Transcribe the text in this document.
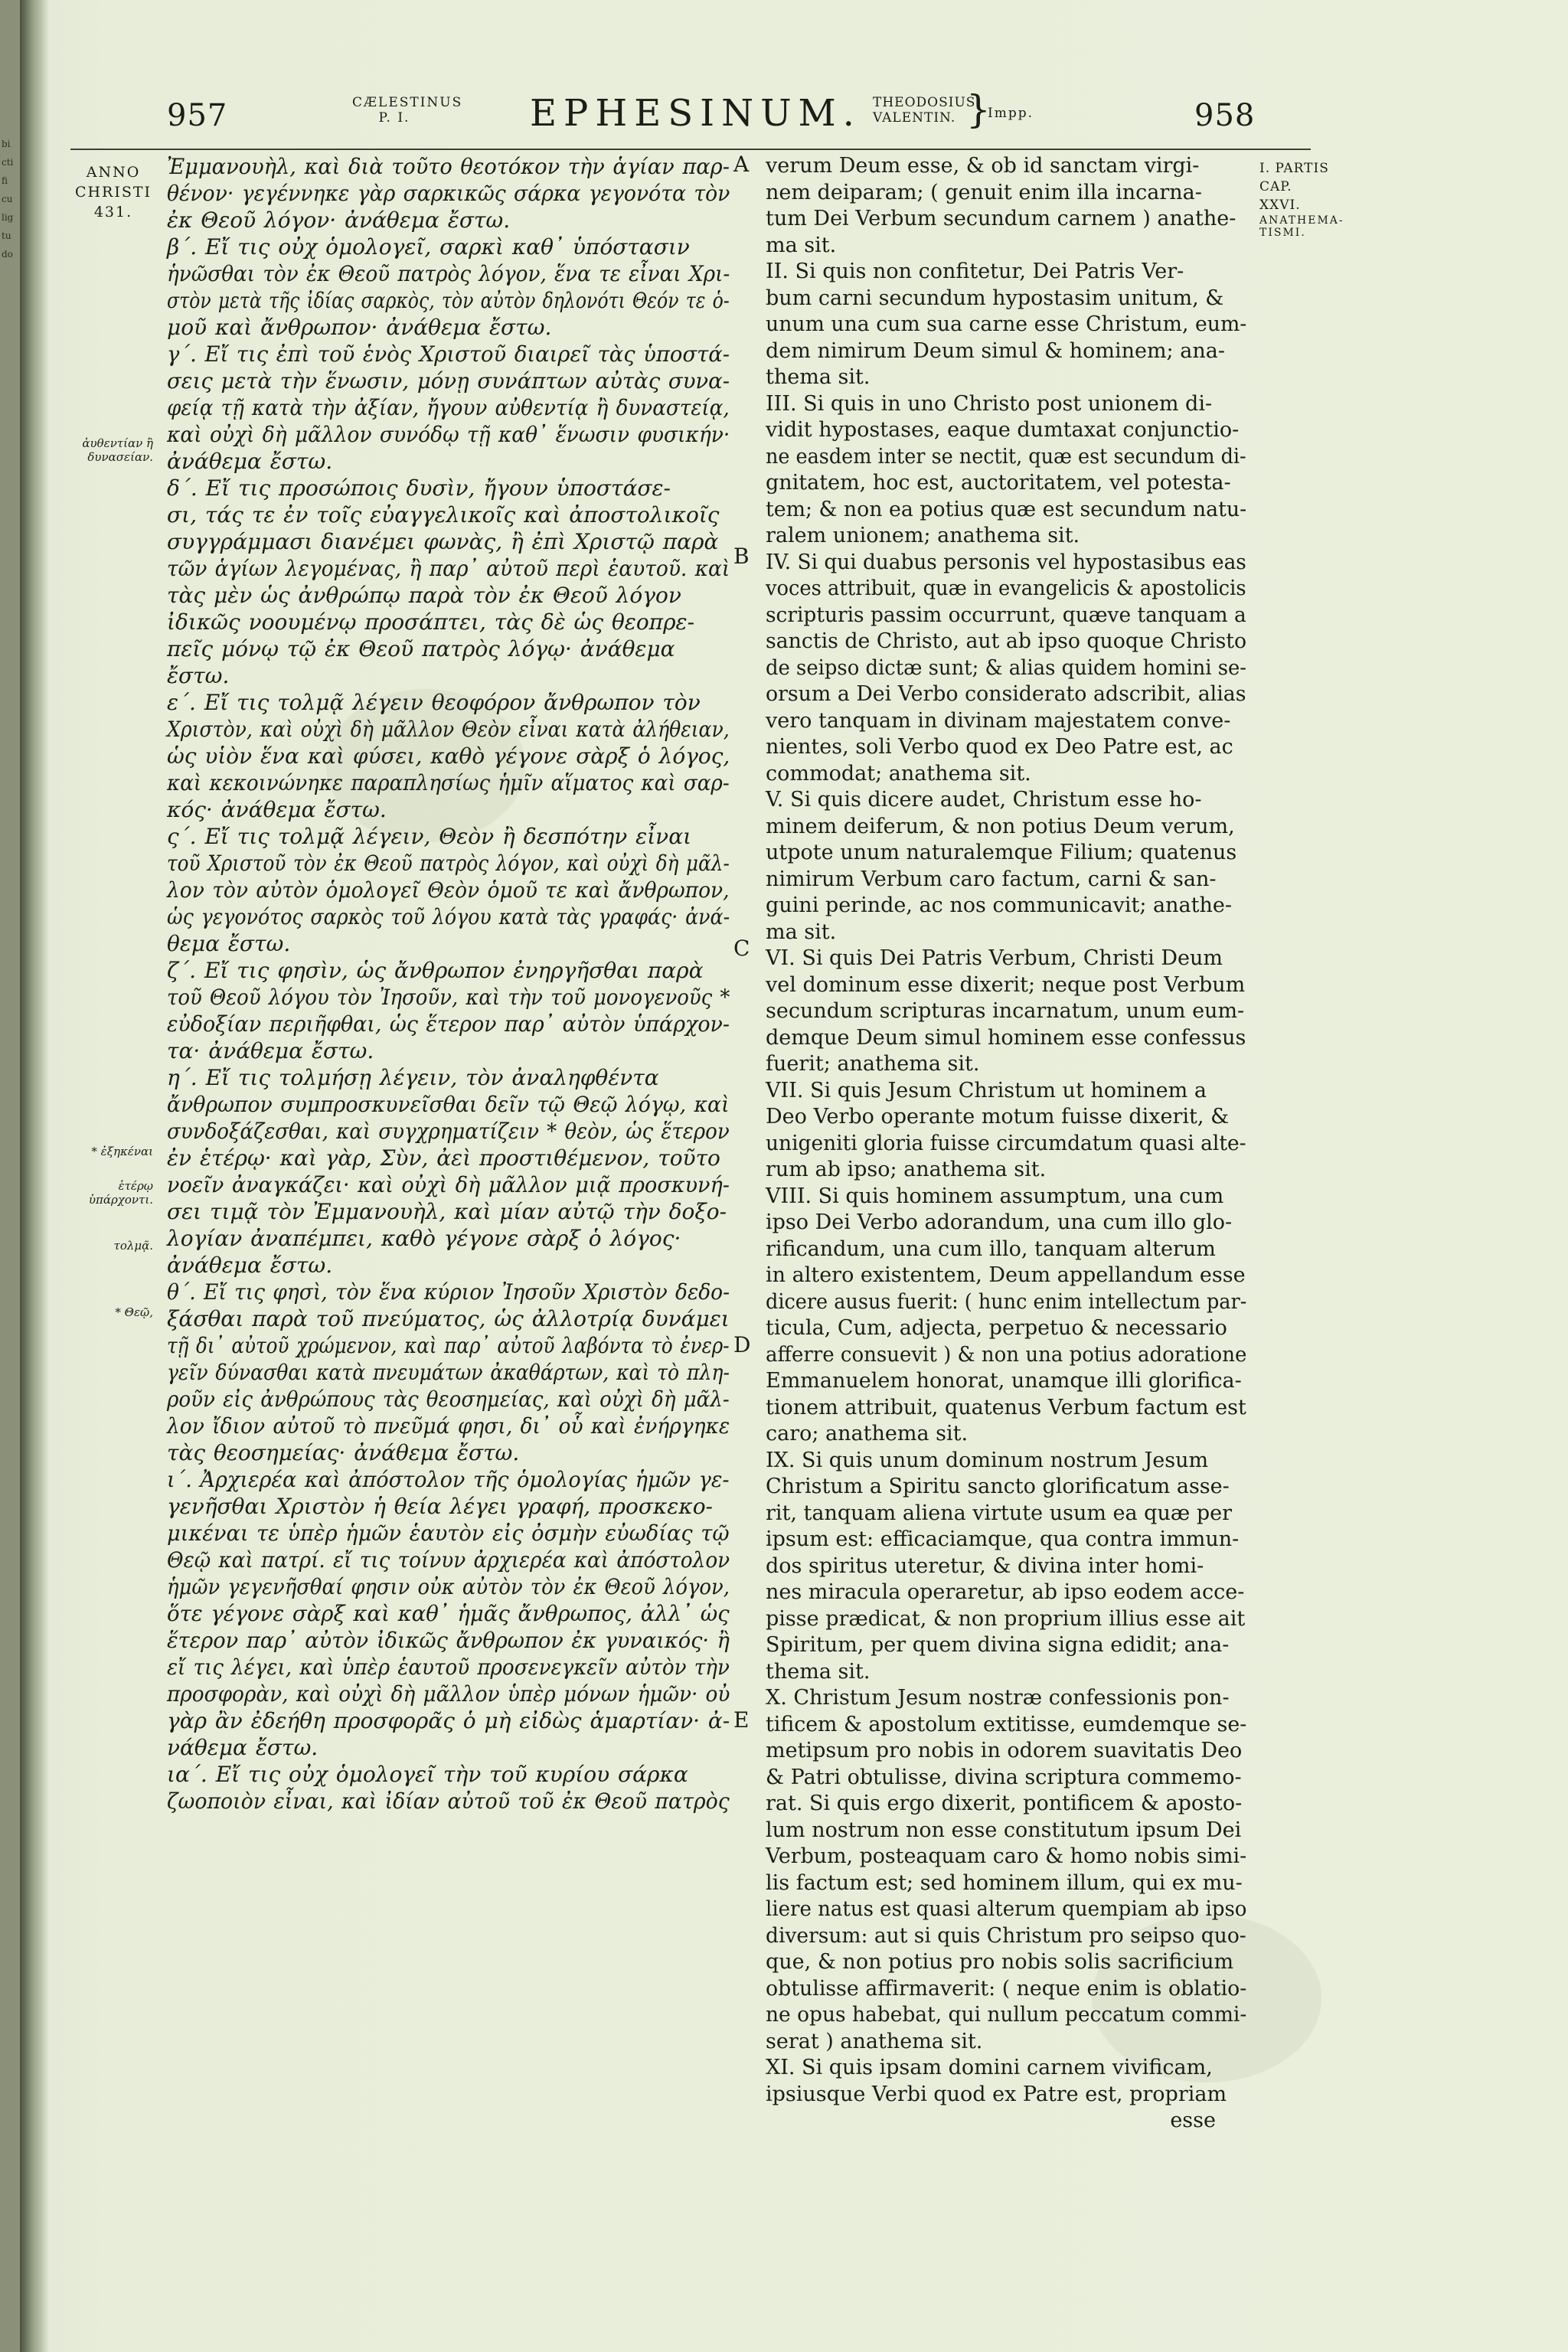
bi
cti
fi
cu
lig
tu
do
957	CÆLESTINUS
P. I.	EPHESINUM. THEODOSIUS
VALENTIN. }
Impp.	958
ANNO
CHRISTI
431.
ἀυθεντίαν ἢ δυνασείαν.
* ἐξηκέναι
ἑτέρῳ ὑπάρχοντι.
τολμᾷ.
* Θεῷ,
I. PARTIS
CAP.
XXVI.
ANATHEMA-
TISMI.
A
B
C
D
E
Ἐμμανουὴλ, καὶ διὰ τοῦτο θεοτόκον τὴν ἁγίαν παρ-
θένον· γεγέννηκε γὰρ σαρκικῶς σάρκα γεγονότα τὸν
ἐκ Θεοῦ λόγον· ἀνάθεμα ἔστω.
β΄. Εἴ τις οὐχ ὁμολογεῖ, σαρκὶ καθ᾿ ὑπόστασιν
ἡνῶσθαι τὸν ἐκ Θεοῦ πατρὸς λόγον, ἕνα τε εἶναι Χρι-
στὸν μετὰ τῆς ἰδίας σαρκὸς, τὸν αὐτὸν δηλονότι Θεόν τε ὁ-
μοῦ καὶ ἄνθρωπον· ἀνάθεμα ἔστω.
γ΄. Εἴ τις ἐπὶ τοῦ ἑνὸς Χριστοῦ διαιρεῖ τὰς ὑποστά-
σεις μετὰ τὴν ἕνωσιν, μόνῃ συνάπτων αὐτὰς συνα-
φείᾳ τῇ κατὰ τὴν ἀξίαν, ἤγουν αὐθεντίᾳ ἢ δυναστείᾳ,
καὶ οὐχὶ δὴ μᾶλλον συνόδῳ τῇ καθ᾿ ἕνωσιν φυσικήν·
ἀνάθεμα ἔστω.
δ΄. Εἴ τις προσώποις δυσὶν, ἤγουν ὑποστάσε-
σι, τάς τε ἐν τοῖς εὐαγγελικοῖς καὶ ἀποστολικοῖς
συγγράμμασι διανέμει φωνὰς, ἢ ἐπὶ Χριστῷ παρὰ
τῶν ἁγίων λεγομένας, ἢ παρ᾿ αὐτοῦ περὶ ἑαυτοῦ. καὶ
τὰς μὲν ὡς ἀνθρώπῳ παρὰ τὸν ἐκ Θεοῦ λόγον
ἰδικῶς νοουμένῳ προσάπτει, τὰς δὲ ὡς θεοπρε-
πεῖς μόνῳ τῷ ἐκ Θεοῦ πατρὸς λόγῳ· ἀνάθεμα
ἔστω.
ε΄. Εἴ τις τολμᾷ λέγειν θεοφόρον ἄνθρωπον τὸν
Χριστὸν, καὶ οὐχὶ δὴ μᾶλλον Θεὸν εἶναι κατὰ ἀλήθειαν,
ὡς υἱὸν ἕνα καὶ φύσει, καθὸ γέγονε σὰρξ ὁ λόγος,
καὶ κεκοινώνηκε παραπλησίως ἡμῖν αἵματος καὶ σαρ-
κός· ἀνάθεμα ἔστω.
ς΄. Εἴ τις τολμᾷ λέγειν, Θεὸν ἢ δεσπότην εἶναι
τοῦ Χριστοῦ τὸν ἐκ Θεοῦ πατρὸς λόγον, καὶ οὐχὶ δὴ μᾶλ-
λον τὸν αὐτὸν ὁμολογεῖ Θεὸν ὁμοῦ τε καὶ ἄνθρωπον,
ὡς γεγονότος σαρκὸς τοῦ λόγου κατὰ τὰς γραφάς· ἀνά-
θεμα ἔστω.
ζ΄. Εἴ τις φησὶν, ὡς ἄνθρωπον ἐνηργῆσθαι παρὰ
τοῦ Θεοῦ λόγου τὸν Ἰησοῦν, καὶ τὴν τοῦ μονογενοῦς *
εὐδοξίαν περιῆφθαι, ὡς ἕτερον παρ᾿ αὐτὸν ὑπάρχον-
τα· ἀνάθεμα ἔστω.
η΄. Εἴ τις τολμήσῃ λέγειν, τὸν ἀναληφθέντα
ἄνθρωπον συμπροσκυνεῖσθαι δεῖν τῷ Θεῷ λόγῳ, καὶ
συνδοξάζεσθαι, καὶ συγχρηματίζειν * θεὸν, ὡς ἕτερον
ἐν ἑτέρῳ· καὶ γὰρ, Σὺν, ἀεὶ προστιθέμενον, τοῦτο
νοεῖν ἀναγκάζει· καὶ οὐχὶ δὴ μᾶλλον μιᾷ προσκυνή-
σει τιμᾷ τὸν Ἐμμανουὴλ, καὶ μίαν αὐτῷ τὴν δοξο-
λογίαν ἀναπέμπει, καθὸ γέγονε σὰρξ ὁ λόγος·
ἀνάθεμα ἔστω.
θ΄. Εἴ τις φησὶ, τὸν ἕνα κύριον Ἰησοῦν Χριστὸν δεδο-
ξάσθαι παρὰ τοῦ πνεύματος, ὡς ἀλλοτρίᾳ δυνάμει
τῇ δι᾿ αὐτοῦ χρώμενον, καὶ παρ᾿ αὐτοῦ λαβόντα τὸ ἐνερ-
γεῖν δύνασθαι κατὰ πνευμάτων ἀκαθάρτων, καὶ τὸ πλη-
ροῦν εἰς ἀνθρώπους τὰς θεοσημείας, καὶ οὐχὶ δὴ μᾶλ-
λον ἴδιον αὐτοῦ τὸ πνεῦμά φησι, δι᾿ οὗ καὶ ἐνήργηκε
τὰς θεοσημείας· ἀνάθεμα ἔστω.
ι΄. Ἀρχιερέα καὶ ἀπόστολον τῆς ὁμολογίας ἡμῶν γε-
γενῆσθαι Χριστὸν ἡ θεία λέγει γραφή, προσκεκο-
μικέναι τε ὑπὲρ ἡμῶν ἑαυτὸν εἰς ὀσμὴν εὐωδίας τῷ
Θεῷ καὶ πατρί. εἴ τις τοίνυν ἀρχιερέα καὶ ἀπόστολον
ἡμῶν γεγενῆσθαί φησιν οὐκ αὐτὸν τὸν ἐκ Θεοῦ λόγον,
ὅτε γέγονε σὰρξ καὶ καθ᾿ ἡμᾶς ἄνθρωπος, ἀλλ᾿ ὡς
ἕτερον παρ᾿ αὐτὸν ἰδικῶς ἄνθρωπον ἐκ γυναικός· ἢ
εἴ τις λέγει, καὶ ὑπὲρ ἑαυτοῦ προσενεγκεῖν αὐτὸν τὴν
προσφορὰν, καὶ οὐχὶ δὴ μᾶλλον ὑπὲρ μόνων ἡμῶν· οὐ
γὰρ ἂν ἐδεήθη προσφορᾶς ὁ μὴ εἰδὼς ἁμαρτίαν· ἀ-
νάθεμα ἔστω.
ια΄. Εἴ τις οὐχ ὁμολογεῖ τὴν τοῦ κυρίου σάρκα
ζωοποιὸν εἶναι, καὶ ἰδίαν αὐτοῦ τοῦ ἐκ Θεοῦ πατρὸς
verum Deum esse, & ob id sanctam virgi-
nem deiparam; ( genuit enim illa incarna-
tum Dei Verbum secundum carnem ) anathe-
ma sit.
II. Si quis non confitetur, Dei Patris Ver-
bum carni secundum hypostasim unitum, &
unum una cum sua carne esse Christum, eum-
dem nimirum Deum simul & hominem; ana-
thema sit.
III. Si quis in uno Christo post unionem di-
vidit hypostases, eaque dumtaxat conjunctio-
ne easdem inter se nectit, quæ est secundum di-
gnitatem, hoc est, auctoritatem, vel potesta-
tem; & non ea potius quæ est secundum natu-
ralem unionem; anathema sit.
IV. Si qui duabus personis vel hypostasibus eas
voces attribuit, quæ in evangelicis & apostolicis
scripturis passim occurrunt, quæve tanquam a
sanctis de Christo, aut ab ipso quoque Christo
de seipso dictæ sunt; & alias quidem homini se-
orsum a Dei Verbo considerato adscribit, alias
vero tanquam in divinam majestatem conve-
nientes, soli Verbo quod ex Deo Patre est, ac
commodat; anathema sit.
V. Si quis dicere audet, Christum esse ho-
minem deiferum, & non potius Deum verum,
utpote unum naturalemque Filium; quatenus
nimirum Verbum caro factum, carni & san-
guini perinde, ac nos communicavit; anathe-
ma sit.
VI. Si quis Dei Patris Verbum, Christi Deum
vel dominum esse dixerit; neque post Verbum
secundum scripturas incarnatum, unum eum-
demque Deum simul hominem esse confessus
fuerit; anathema sit.
VII. Si quis Jesum Christum ut hominem a
Deo Verbo operante motum fuisse dixerit, &
unigeniti gloria fuisse circumdatum quasi alte-
rum ab ipso; anathema sit.
VIII. Si quis hominem assumptum, una cum
ipso Dei Verbo adorandum, una cum illo glo-
rificandum, una cum illo, tanquam alterum
in altero existentem, Deum appellandum esse
dicere ausus fuerit: ( hunc enim intellectum par-
ticula, Cum, adjecta, perpetuo & necessario
afferre consuevit ) & non una potius adoratione
Emmanuelem honorat, unamque illi glorifica-
tionem attribuit, quatenus Verbum factum est
caro; anathema sit.
IX. Si quis unum dominum nostrum Jesum
Christum a Spiritu sancto glorificatum asse-
rit, tanquam aliena virtute usum ea quæ per
ipsum est: efficaciamque, qua contra immun-
dos spiritus uteretur, & divina inter homi-
nes miracula operaretur, ab ipso eodem acce-
pisse prædicat, & non proprium illius esse ait
Spiritum, per quem divina signa edidit; ana-
thema sit.
X. Christum Jesum nostræ confessionis pon-
tificem & apostolum extitisse, eumdemque se-
metipsum pro nobis in odorem suavitatis Deo
& Patri obtulisse, divina scriptura commemo-
rat. Si quis ergo dixerit, pontificem & aposto-
lum nostrum non esse constitutum ipsum Dei
Verbum, posteaquam caro & homo nobis simi-
lis factum est; sed hominem illum, qui ex mu-
liere natus est quasi alterum quempiam ab ipso
diversum: aut si quis Christum pro seipso quo-
que, & non potius pro nobis solis sacrificium
obtulisse affirmaverit: ( neque enim is oblatio-
ne opus habebat, qui nullum peccatum commi-
serat ) anathema sit.
XI. Si quis ipsam domini carnem vivificam,
ipsiusque Verbi quod ex Patre est, propriam
esse
